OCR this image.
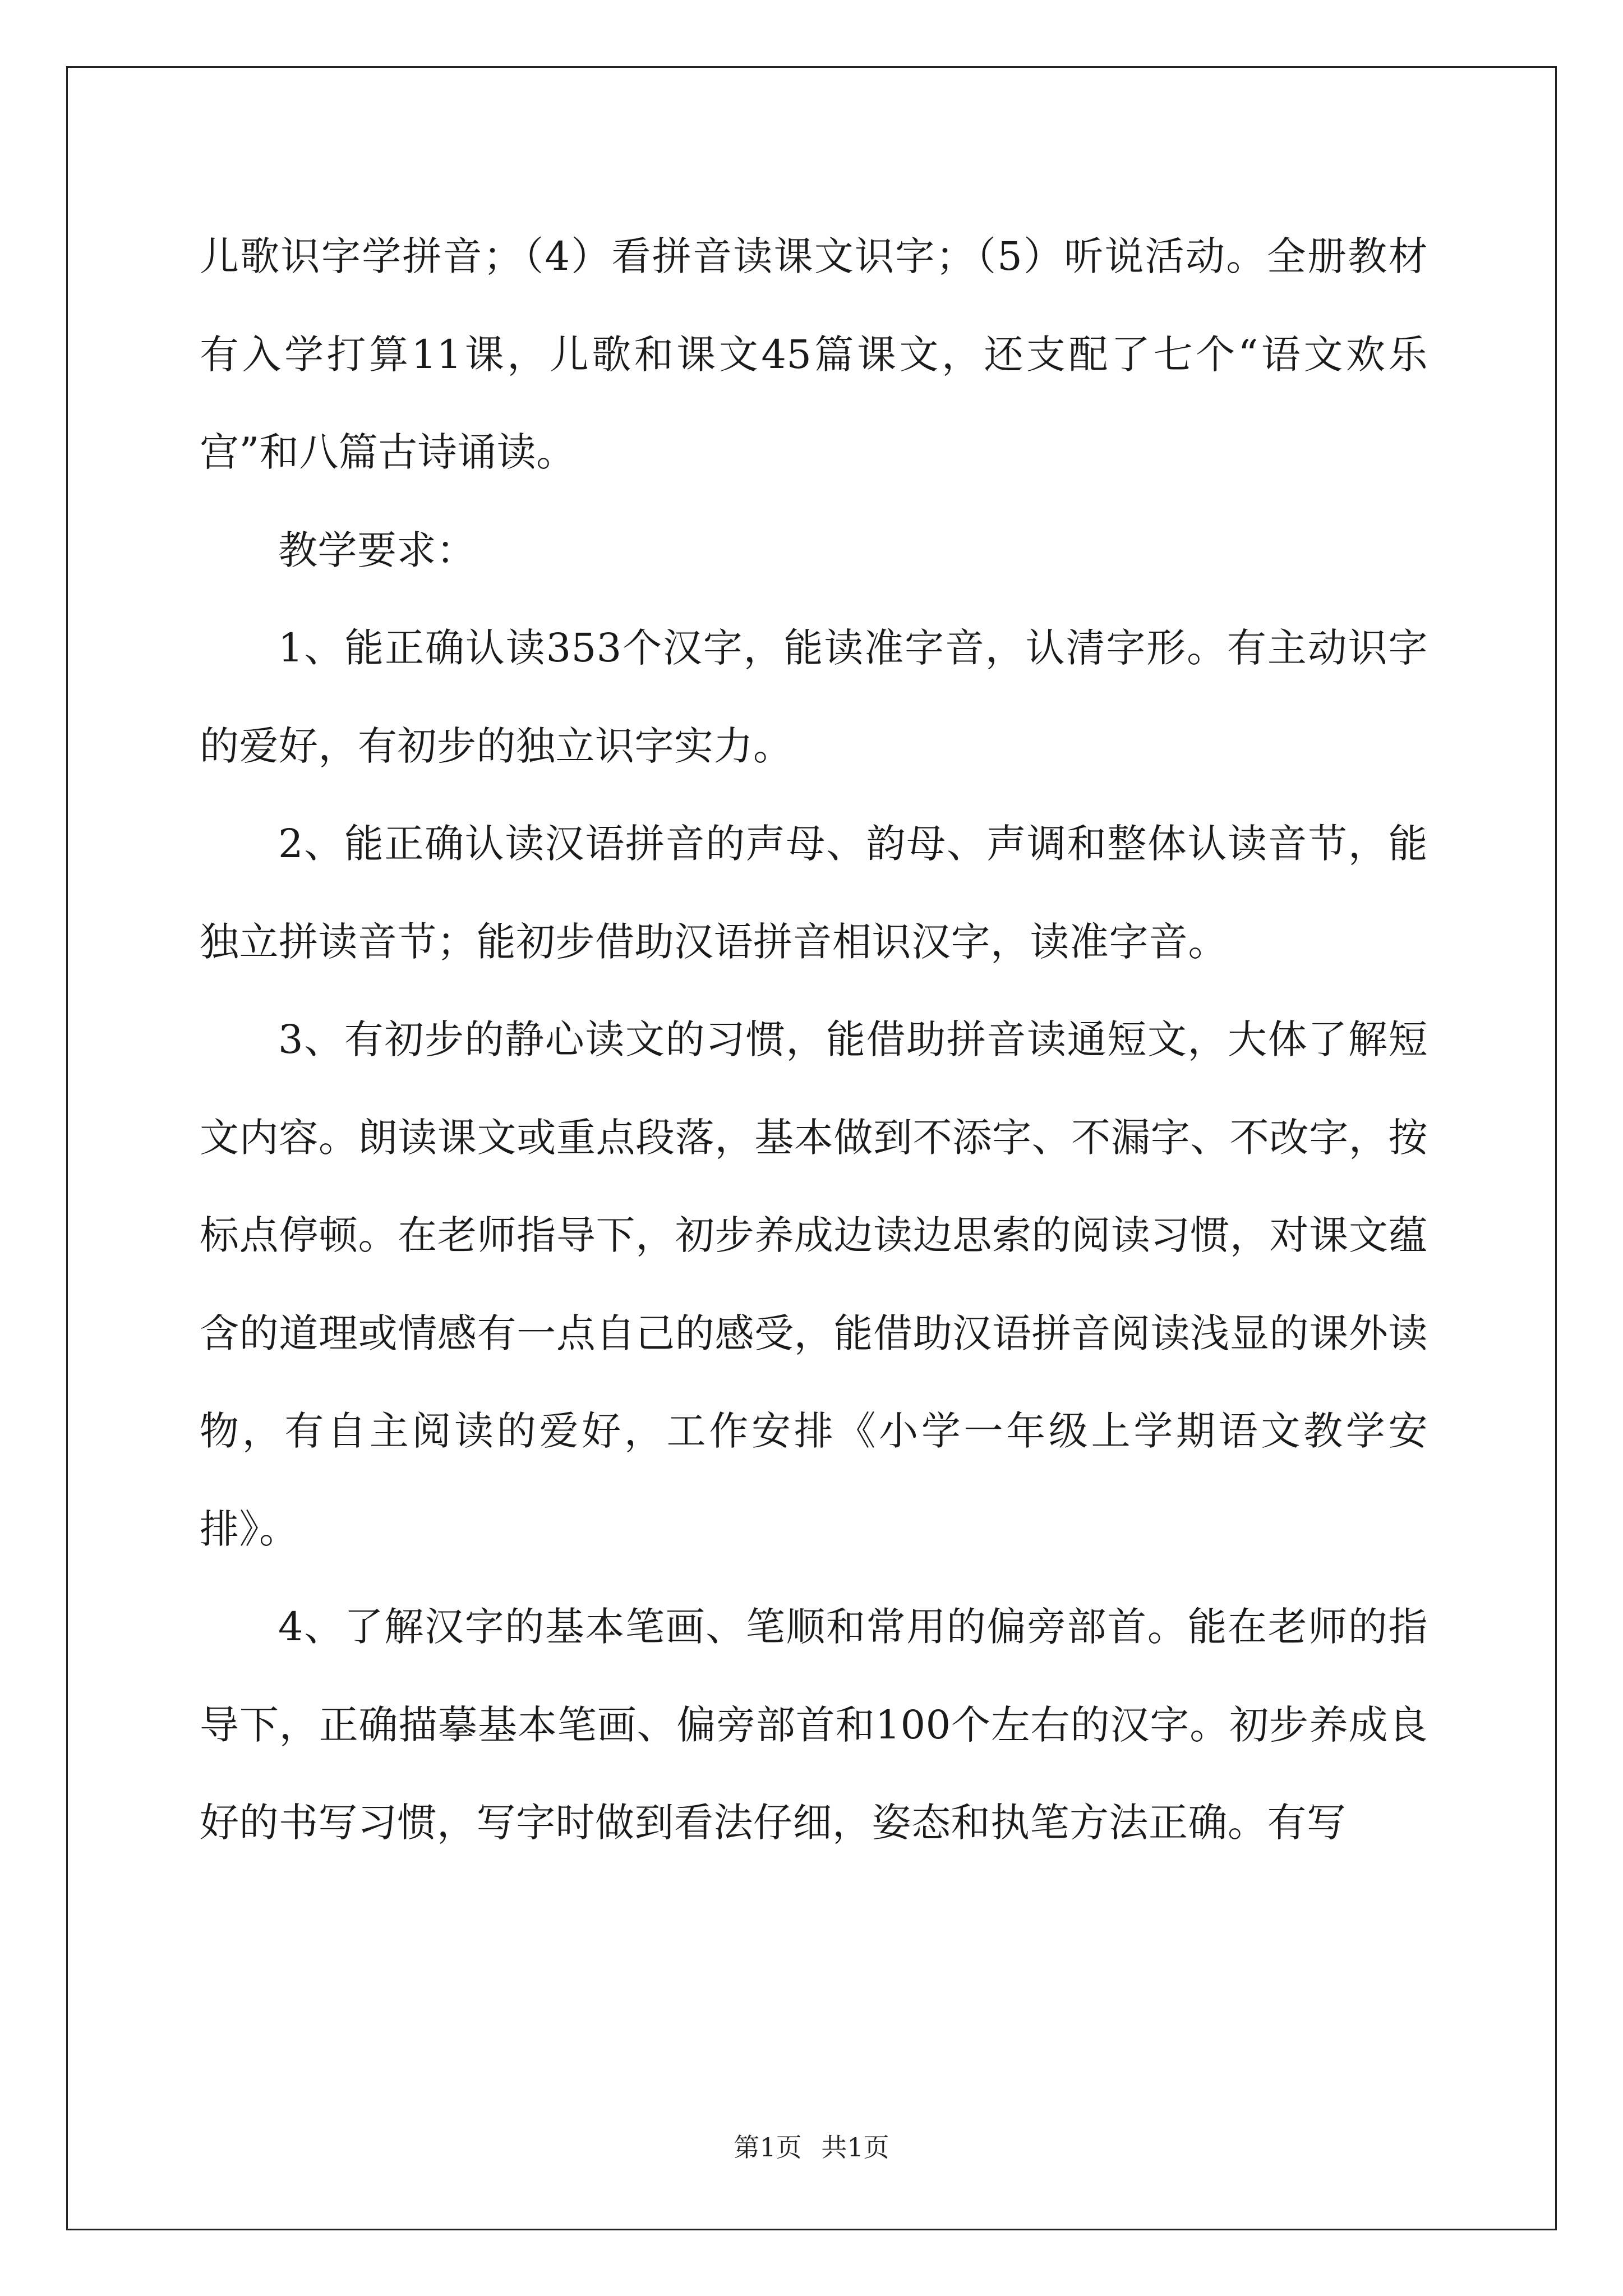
儿歌识字学拼音；（4）看拼音读课文识字；（5）听说活动。全册教材有入学打算11课，儿歌和课文45篇课文，还支配了七个“语文欢乐宫”和八篇古诗诵读。

教学要求：

1、能正确认读353个汉字，能读准字音，认清字形。有主动识字的爱好，有初步的独立识字实力。

2、能正确认读汉语拼音的声母、韵母、声调和整体认读音节，能独立拼读音节；能初步借助汉语拼音相识汉字，读准字音。

3、有初步的静心读文的习惯，能借助拼音读通短文，大体了解短文内容。朗读课文或重点段落，基本做到不添字、不漏字、不改字，按标点停顿。在老师指导下，初步养成边读边思索的阅读习惯，对课文蕴含的道理或情感有一点自己的感受，能借助汉语拼音阅读浅显的课外读物，有自主阅读的爱好，工作安排《小学一年级上学期语文教学安排》。

4、了解汉字的基本笔画、笔顺和常用的偏旁部首。能在老师的指导下，正确描摹基本笔画、偏旁部首和100个左右的汉字。初步养成良好的书写习惯，写字时做到看法仔细，姿态和执笔方法正确。有写

第1页 共1页
